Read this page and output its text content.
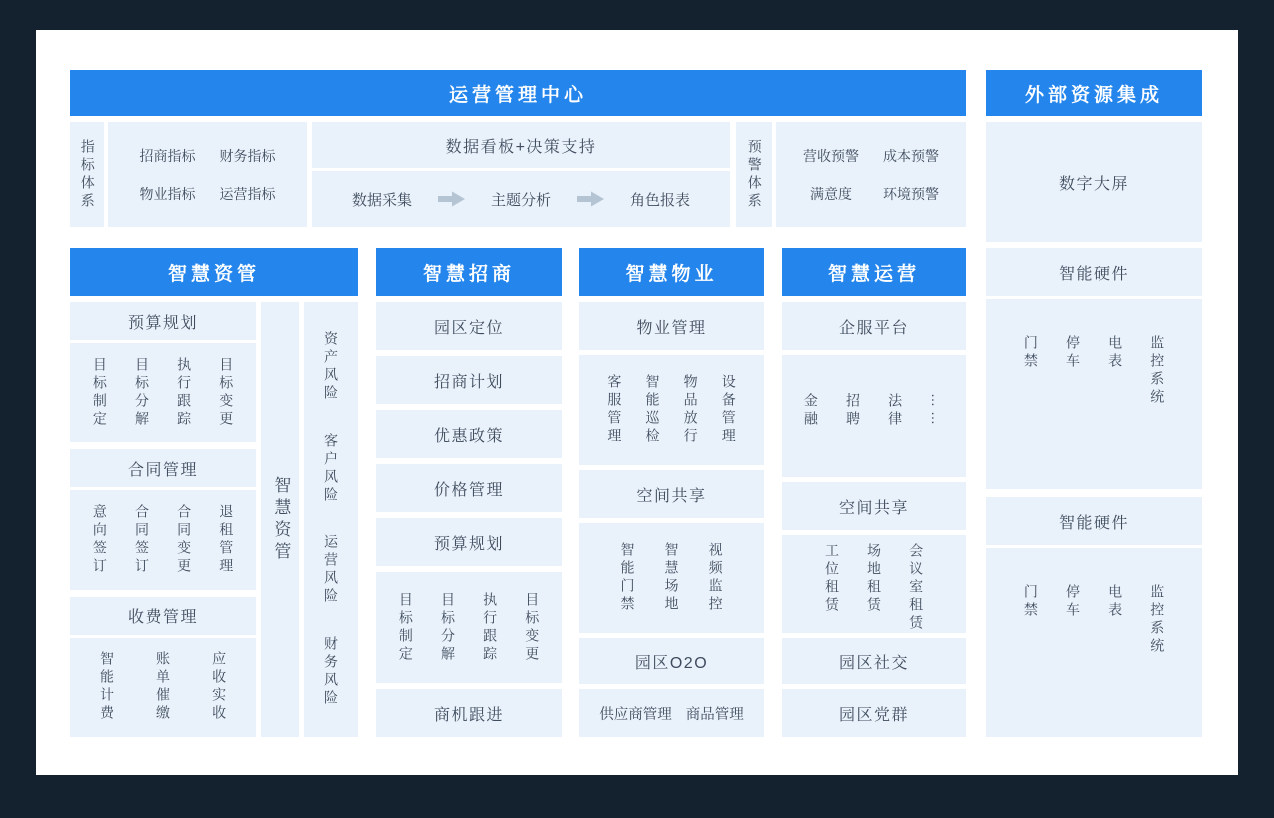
运营管理中心
指标体系	招商指标 财务指标
物业指标 运营指标
数据看板+决策支持
数据采集	主题分析	角色报表	预警体系	营收预警 成本预警
满意度	环境预警
外部资源集成
数字大屏
智能硬件
门禁 停车 电表 监控系统
智能硬件
门禁 停车 电表 监控系统
智慧资管
预算规划
目标制定 目标分解 执行跟踪 目标变更
合同管理
意向签订 合同签订 合同变更 退租管理
收费管理
智能计费	账单催缴	应收实收
智慧资管
资产风险
客户风险
运营风险
财务风险
智慧招商
园区定位
招商计划
优惠政策
价格管理
预算规划
目标制定 目标分解 执行跟踪 目标变更
商机跟进
智慧物业
物业管理
客服管理 智能巡检 物品放行 设备管理
空间共享
智能门禁 智慧场地 视频监控
园区O2O
供应商管理 商品管理
智慧运营
企服平台
金融 招聘 法律 ……
空间共享
工位租赁 场地租赁 会议室租赁
园区社交
园区党群
